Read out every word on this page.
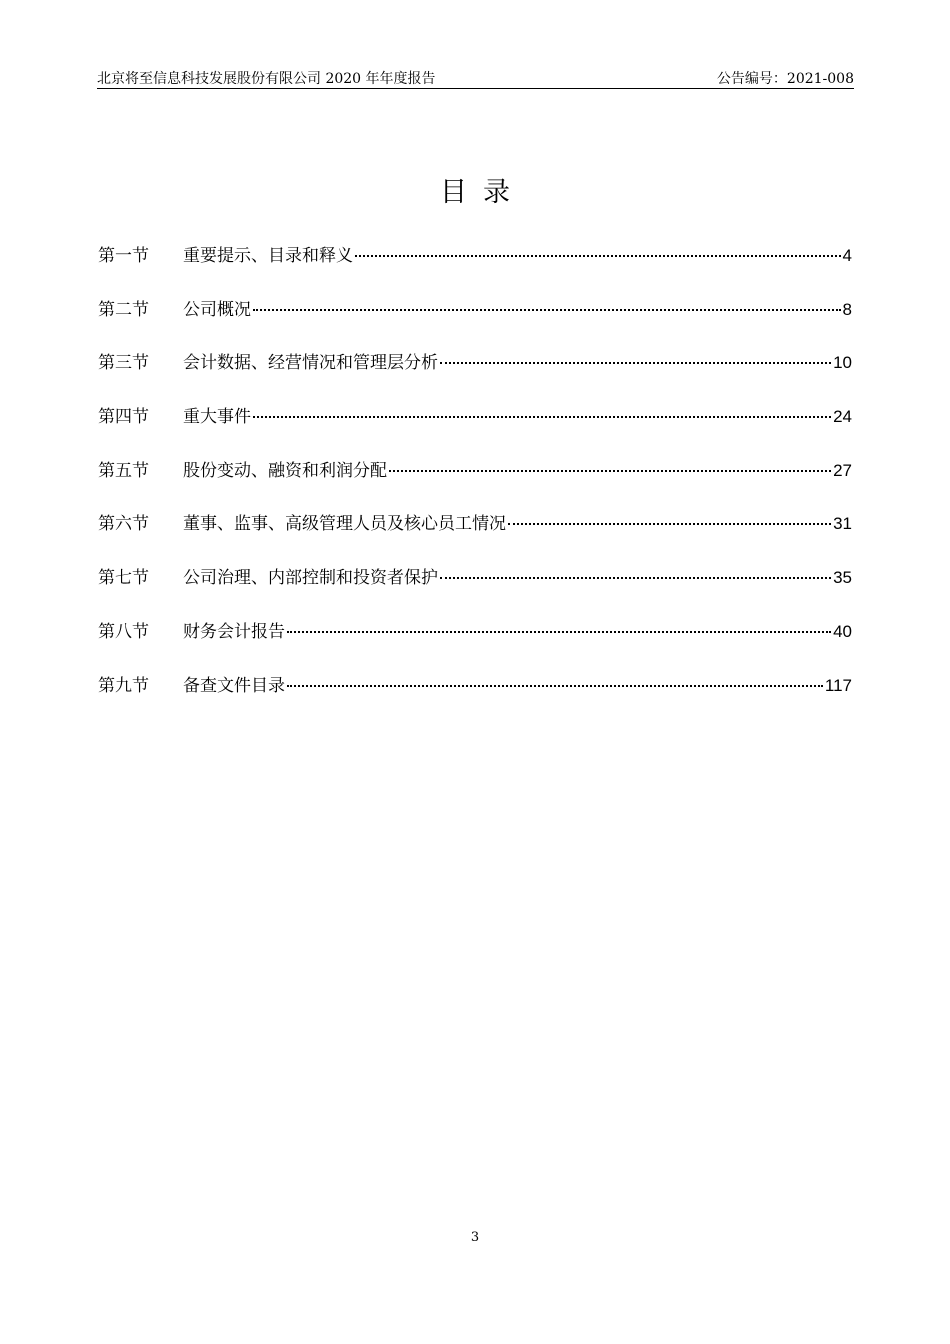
北京将至信息科技发展股份有限公司 2020 年年度报告	公告编号：2021-008
目录
第一节	重要提示、目录和释义	4
第二节	公司概况	8
第三节	会计数据、经营情况和管理层分析	10
第四节	重大事件	24
第五节	股份变动、融资和利润分配	27
第六节	董事、监事、高级管理人员及核心员工情况	31
第七节	公司治理、内部控制和投资者保护	35
第八节	财务会计报告	40
第九节	备查文件目录	117
3
